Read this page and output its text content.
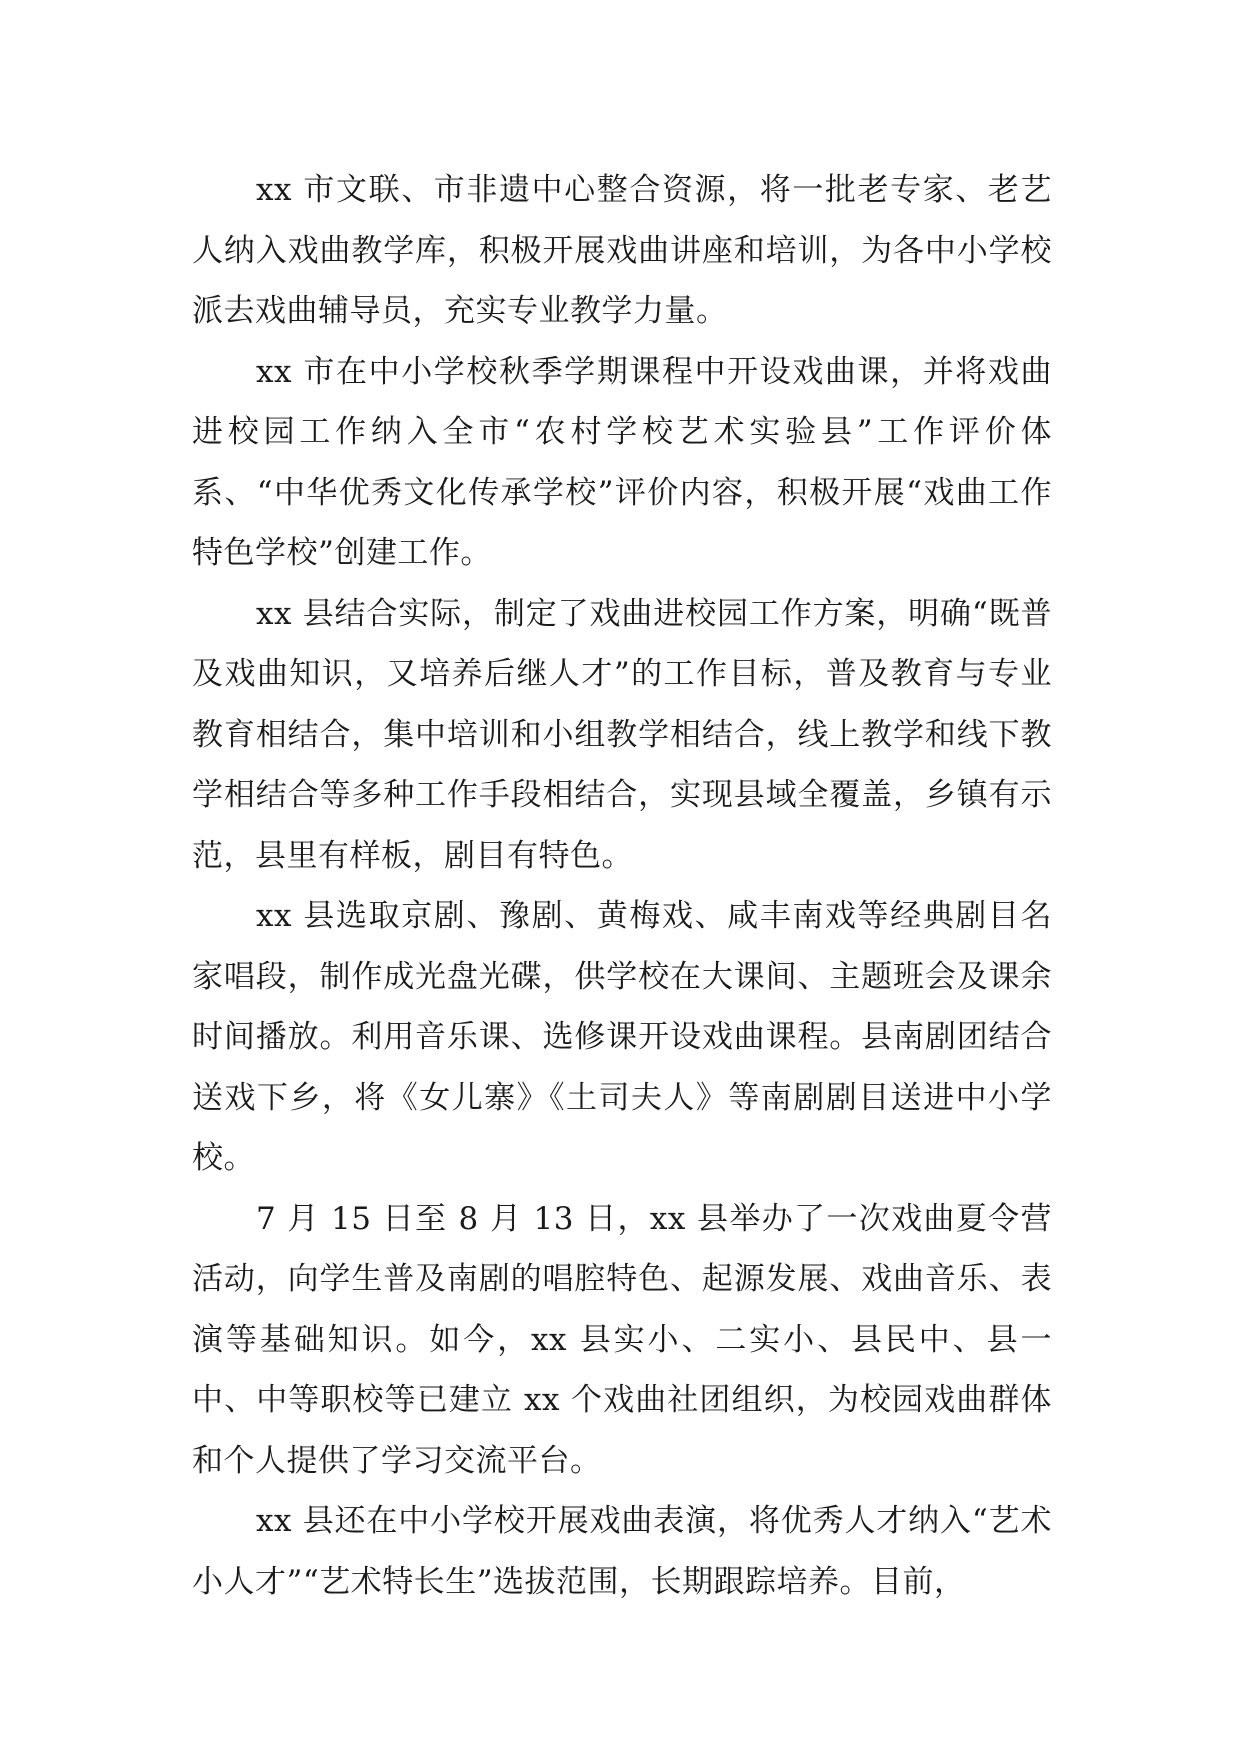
xx 市文联、市非遗中心整合资源，将一批老专家、老艺人纳入戏曲教学库，积极开展戏曲讲座和培训，为各中小学校派去戏曲辅导员，充实专业教学力量。

xx 市在中小学校秋季学期课程中开设戏曲课，并将戏曲进校园工作纳入全市“农村学校艺术实验县”工作评价体系、“中华优秀文化传承学校”评价内容，积极开展“戏曲工作特色学校”创建工作。

xx 县结合实际，制定了戏曲进校园工作方案，明确“既普及戏曲知识，又培养后继人才”的工作目标，普及教育与专业教育相结合，集中培训和小组教学相结合，线上教学和线下教学相结合等多种工作手段相结合，实现县域全覆盖，乡镇有示范，县里有样板，剧目有特色。

xx 县选取京剧、豫剧、黄梅戏、咸丰南戏等经典剧目名家唱段，制作成光盘光碟，供学校在大课间、主题班会及课余时间播放。利用音乐课、选修课开设戏曲课程。县南剧团结合送戏下乡，将《女儿寨》《土司夫人》等南剧剧目送进中小学校。

7 月 15 日至 8 月 13 日，xx 县举办了一次戏曲夏令营活动，向学生普及南剧的唱腔特色、起源发展、戏曲音乐、表演等基础知识。如今，xx 县实小、二实小、县民中、县一中、中等职校等已建立 xx 个戏曲社团组织，为校园戏曲群体和个人提供了学习交流平台。

xx 县还在中小学校开展戏曲表演，将优秀人才纳入“艺术小人才”“艺术特长生”选拔范围，长期跟踪培养。目前，
